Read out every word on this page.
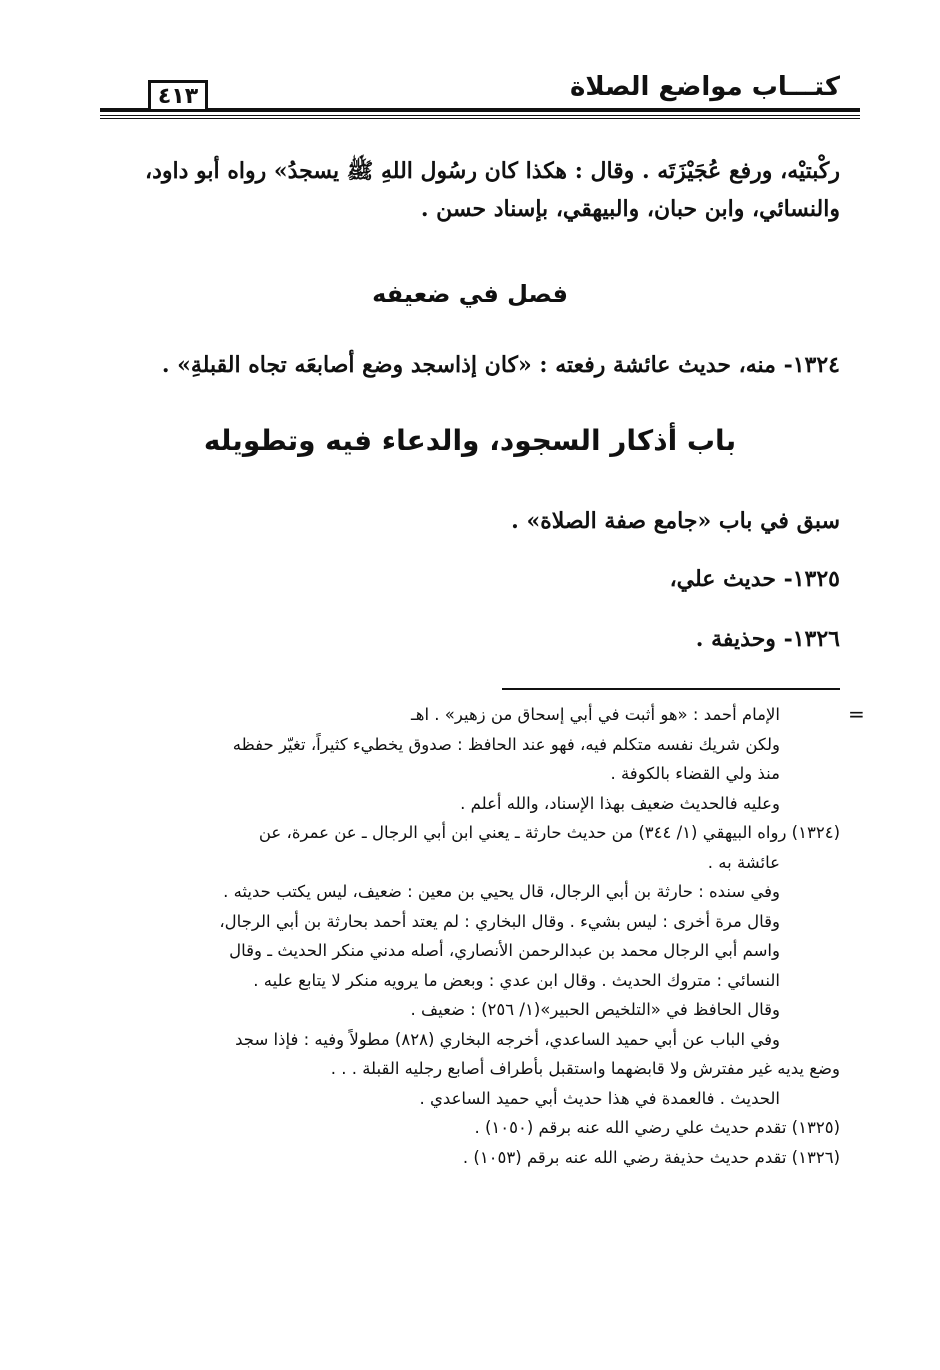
كتـــاب مواضع الصلاة
٤١٣
ركْبتيْه، ورفع عُجَيْزَتَه . وقال : هكذا كان رسُول اللهِ ﷺ يسجدُ» رواه أبو داود،
والنسائي، وابن حبان، والبيهقي، بإسناد حسن .
فصل في ضعيفه
١٣٢٤- منه، حديث عائشة رفعته : «كان إذاسجد وضع أصابعَه تجاه القبلةِ» .
باب أذكار السجود، والدعاء فيه وتطويله
سبق في باب «جامع صفة الصلاة» .
١٣٢٥- حديث علي،
١٣٢٦- وحذيفة .
=
الإمام أحمد : «هو أثبت في أبي إسحاق من زهير» . اهـ
ولكن شريك نفسه متكلم فيه، فهو عند الحافظ : صدوق يخطيء كثيراً، تغيّر حفظه
منذ ولي القضاء بالكوفة .
وعليه فالحديث ضعيف بهذا الإسناد، والله أعلم .
(١٣٢٤) رواه البيهقي (١/ ٣٤٤) من حديث حارثة ـ يعني ابن أبي الرجال ـ عن عمرة، عن
عائشة به .
وفي سنده : حارثة بن أبي الرجال، قال يحيي بن معين : ضعيف، ليس يكتب حديثه .
وقال مرة أخرى : ليس بشيء . وقال البخاري : لم يعتد أحمد بحارثة بن أبي الرجال،
واسم أبي الرجال محمد بن عبدالرحمن الأنصاري، أصله مدني منكر الحديث ـ وقال
النسائي : متروك الحديث . وقال ابن عدي : وبعض ما يرويه منكر لا يتابع عليه .
وقال الحافظ في «التلخيص الحبير»(١/ ٢٥٦) : ضعيف .
وفي الباب عن أبي حميد الساعدي، أخرجه البخاري (٨٢٨) مطولاً وفيه : فإذا سجد
وضع يديه غير مفترش ولا قابضهما واستقبل بأطراف أصابع رجليه القبلة . . .
الحديث . فالعمدة في هذا حديث أبي حميد الساعدي .
(١٣٢٥) تقدم حديث علي رضي الله عنه برقم (١٠٥٠) .
(١٣٢٦) تقدم حديث حذيفة رضي الله عنه برقم (١٠٥٣) .
